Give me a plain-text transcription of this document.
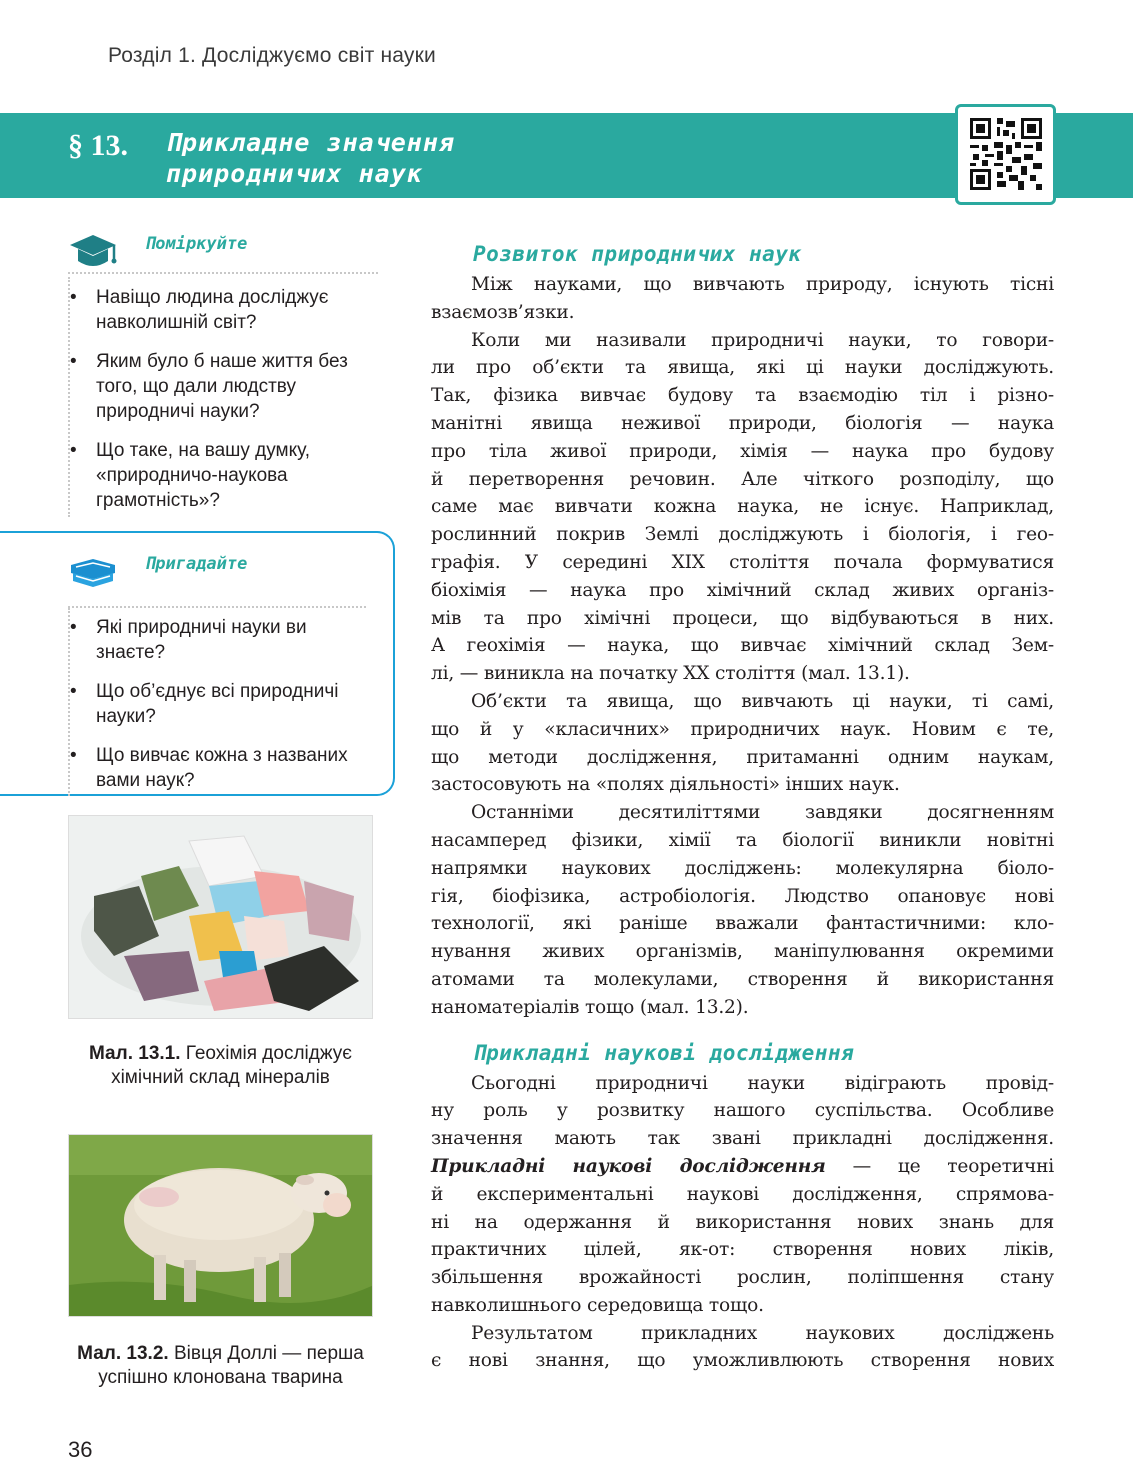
Розділ 1. Досліджуємо світ науки
§ 13. Прикладне значення
природничих наук
Поміркуйте
• Навіщо людина досліджує навколишній світ?
• Яким було б наше життя без того, що дали людству природничі науки?
• Що таке, на вашу думку, «природничо-наукова грамотність»?
Пригадайте
• Які природничі науки ви знаєте?
• Що об’єднує всі природничі науки?
• Що вивчає кожна з названих вами наук?
Мал. 13.1. Геохімія досліджує хімічний склад мінералів
Мал. 13.2. Вівця Доллі — перша успішно клонована тварина
36
Розвиток природничих наук
Між науками, що вивчають природу, існують тісні
взаємозв’язки.
Коли ми називали природничі науки, то говори-
ли про об’єкти та явища, які ці науки досліджують.
Так, фізика вивчає будову та взаємодію тіл і різно-
манітні явища неживої природи, біологія — наука
про тіла живої природи, хімія — наука про будову
й перетворення речовин. Але чіткого розподілу, що
саме має вивчати кожна наука, не існує. Наприклад,
рослинний покрив Землі досліджують і біологія, і гео-
графія. У середині XIX століття почала формуватися
біохімія — наука про хімічний склад живих організ-
мів та про хімічні процеси, що відбуваються в них.
А геохімія — наука, що вивчає хімічний склад Зем-
лі, — виникла на початку XX століття (мал. 13.1).
Об’єкти та явища, що вивчають ці науки, ті самі,
що й у «класичних» природничих наук. Новим є те,
що методи дослідження, притаманні одним наукам,
застосовують на «полях діяльності» інших наук.
Останніми десятиліттями завдяки досягненням
насамперед фізики, хімії та біології виникли новітні
напрямки наукових досліджень: молекулярна біоло-
гія, біофізика, астробіологія. Людство опановує нові
технології, які раніше вважали фантастичними: кло-
нування живих організмів, маніпулювання окремими
атомами та молекулами, створення й використання
наноматеріалів тощо (мал. 13.2).
Прикладні наукові дослідження
Сьогодні природничі науки відіграють провід-
ну роль у розвитку нашого суспільства. Особливе
значення мають так звані прикладні дослідження.
Прикладні наукові дослідження — це теоретичні
й експериментальні наукові дослідження, спрямова-
ні на одержання й використання нових знань для
практичних цілей, як-от: створення нових ліків,
збільшення врожайності рослин, поліпшення стану
навколишнього середовища тощо.
Результатом прикладних наукових досліджень
є нові знання, що уможливлюють створення нових
